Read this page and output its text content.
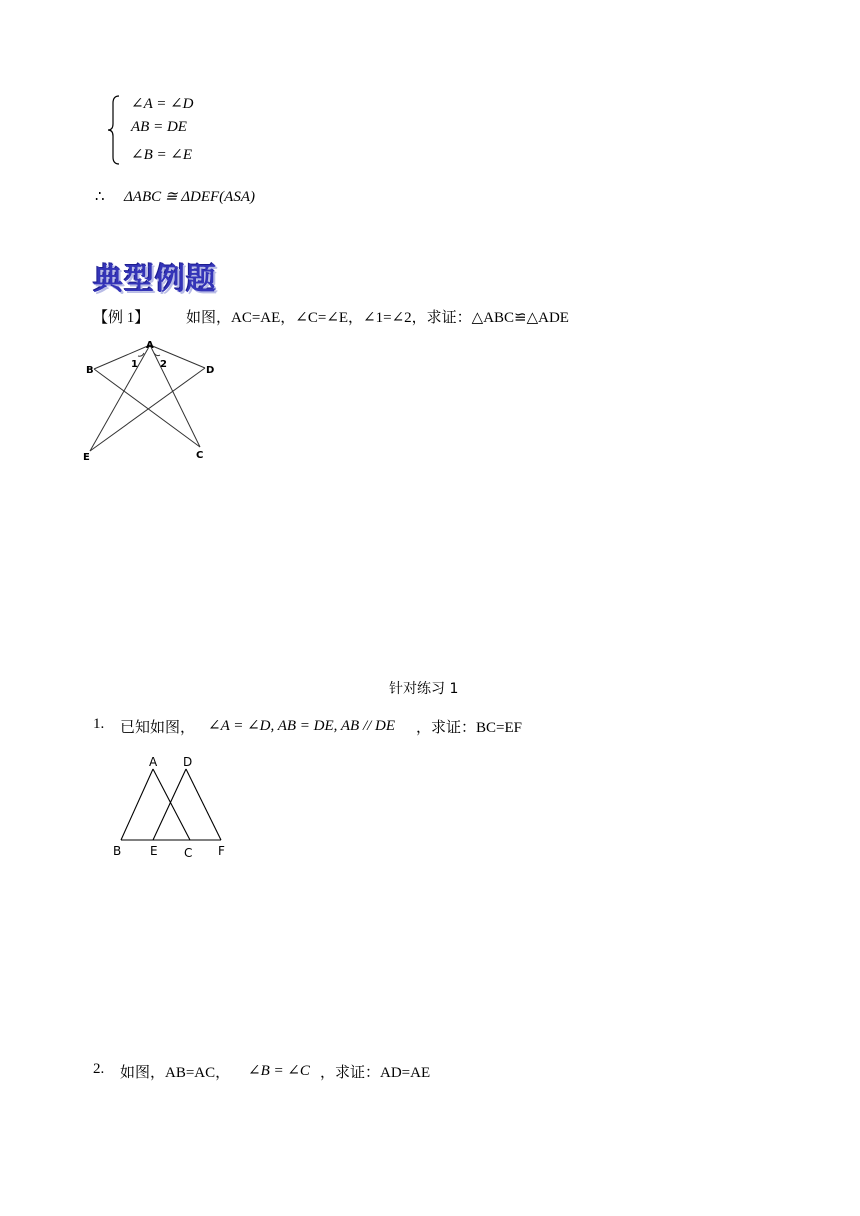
∠A = ∠D
AB = DE
∠B = ∠E
∴ ΔABC ≅ ΔDEF(ASA)
典型例题
【例 1】 如图，AC=AE，∠C=∠E，∠1=∠2，求证：△ABC≌△ADE
A
B	D
E	C
1 2
针对练习 1
1. 已知如图， ∠A = ∠D, AB = DE, AB // DE ，求证：BC=EF
A D
B E C F
2. 如图，AB=AC， ∠B = ∠C ，求证：AD=AE
